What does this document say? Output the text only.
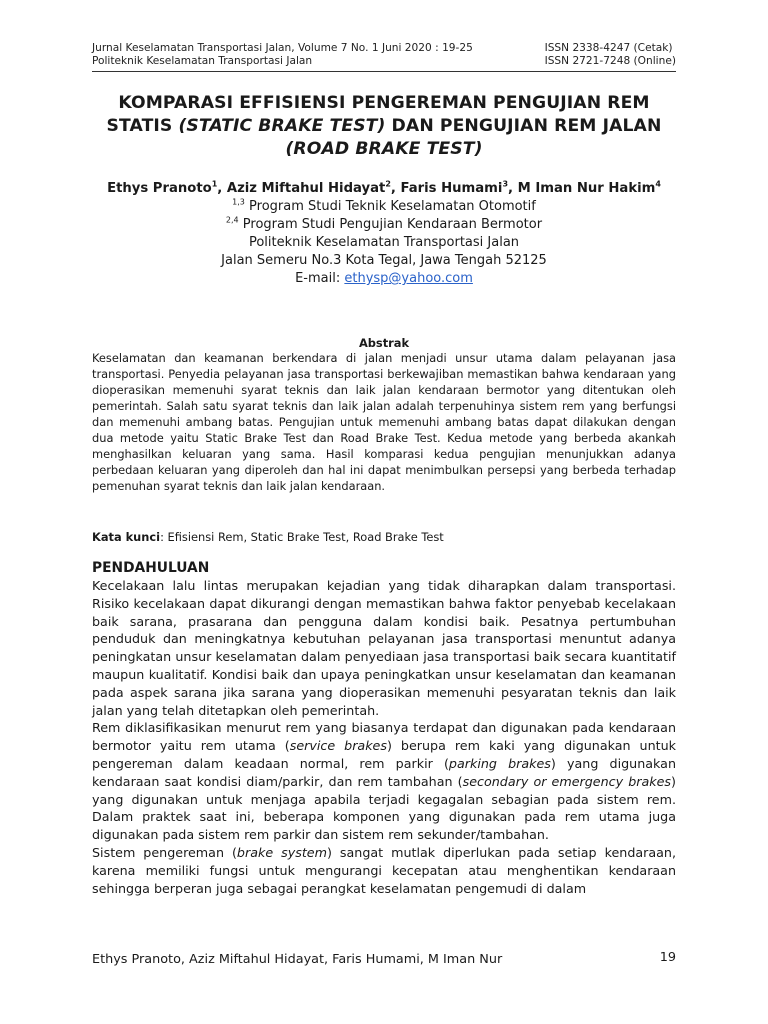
Jurnal Keselamatan Transportasi Jalan, Volume 7 No. 1 Juni 2020 : 19-25
Politeknik Keselamatan Transportasi Jalan
ISSN 2338-4247 (Cetak)
ISSN 2721-7248 (Online)
KOMPARASI EFFISIENSI PENGEREMAN PENGUJIAN REM
STATIS (STATIC BRAKE TEST) DAN PENGUJIAN REM JALAN
(ROAD BRAKE TEST)
Ethys Pranoto$^1$, Aziz Miftahul Hidayat$^2$, Faris Humami$^3$, M Iman Nur Hakim$^4$
$^{1,3}$ Program Studi Teknik Keselamatan Otomotif
$^{2,4}$ Program Studi Pengujian Kendaraan Bermotor
Politeknik Keselamatan Transportasi Jalan
Jalan Semeru No.3 Kota Tegal, Jawa Tengah 52125
E-mail: ethysp@yahoo.com
Abstrak
Keselamatan dan keamanan berkendara di jalan menjadi unsur utama dalam pelayanan jasa transportasi. Penyedia pelayanan jasa transportasi berkewajiban memastikan bahwa kendaraan yang dioperasikan memenuhi syarat teknis dan laik jalan kendaraan bermotor yang ditentukan oleh pemerintah. Salah satu syarat teknis dan laik jalan adalah terpenuhinya sistem rem yang berfungsi dan memenuhi ambang batas. Pengujian untuk memenuhi ambang batas dapat dilakukan dengan dua metode yaitu Static Brake Test dan Road Brake Test. Kedua metode yang berbeda akankah menghasilkan keluaran yang sama. Hasil komparasi kedua pengujian menunjukkan adanya perbedaan keluaran yang diperoleh dan hal ini dapat menimbulkan persepsi yang berbeda terhadap pemenuhan syarat teknis dan laik jalan kendaraan.
Kata kunci: Efisiensi Rem, Static Brake Test, Road Brake Test
PENDAHULUAN

Kecelakaan lalu lintas merupakan kejadian yang tidak diharapkan dalam transportasi. Risiko kecelakaan dapat dikurangi dengan memastikan bahwa faktor penyebab kecelakaan baik sarana, prasarana dan pengguna dalam kondisi baik. Pesatnya pertumbuhan penduduk dan meningkatnya kebutuhan pelayanan jasa transportasi menuntut adanya peningkatan unsur keselamatan dalam penyediaan jasa transportasi baik secara kuantitatif maupun kualitatif. Kondisi baik dan upaya peningkatkan unsur keselamatan dan keamanan pada aspek sarana jika sarana yang dioperasikan memenuhi pesyaratan teknis dan laik jalan yang telah ditetapkan oleh pemerintah.

Rem diklasifikasikan menurut rem yang biasanya terdapat dan digunakan pada kendaraan bermotor yaitu rem utama (service brakes) berupa rem kaki yang digunakan untuk pengereman dalam keadaan normal, rem parkir (parking brakes) yang digunakan kendaraan saat kondisi diam/parkir, dan rem tambahan (secondary or emergency brakes) yang digunakan untuk menjaga apabila terjadi kegagalan sebagian pada sistem rem. Dalam praktek saat ini, beberapa komponen yang digunakan pada rem utama juga digunakan pada sistem rem parkir dan sistem rem sekunder/tambahan.

Sistem pengereman (brake system) sangat mutlak diperlukan pada setiap kendaraan, karena memiliki fungsi untuk mengurangi kecepatan atau menghentikan kendaraan sehingga berperan juga sebagai perangkat keselamatan pengemudi di dalam

Ethys Pranoto, Aziz Miftahul Hidayat, Faris Humami, M Iman Nur	19
